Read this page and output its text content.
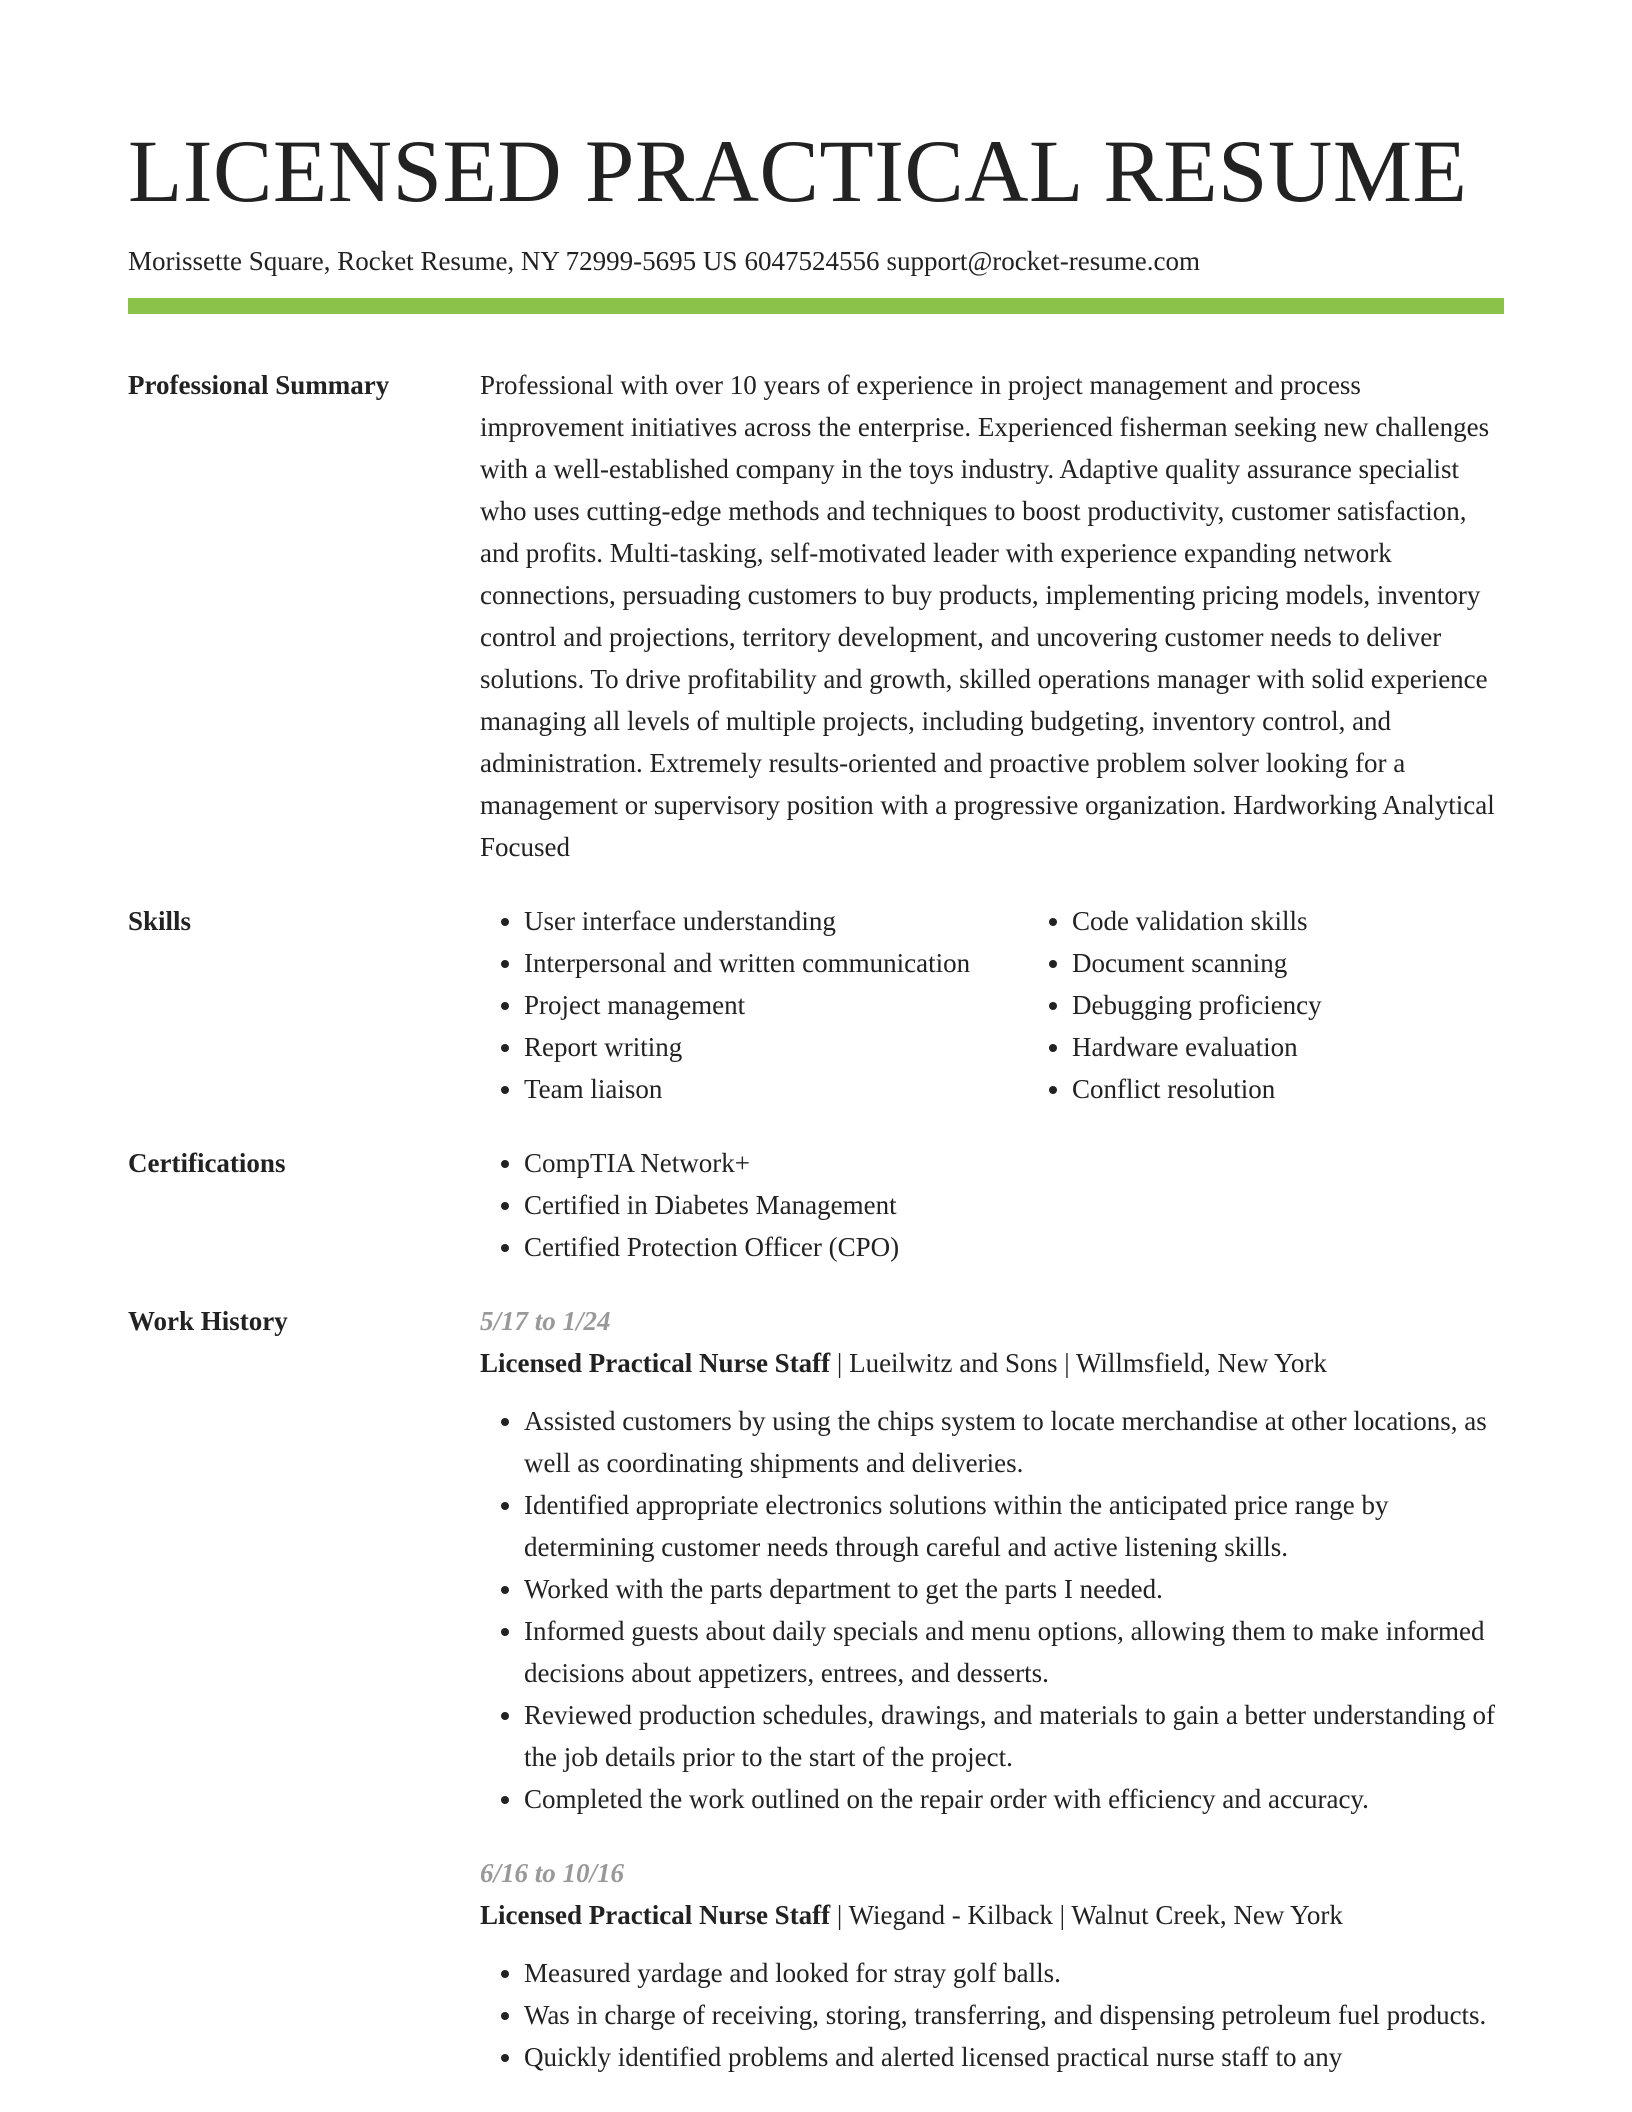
LICENSED PRACTICAL RESUME
Morissette Square, Rocket Resume, NY 72999-5695 US 6047524556 support@rocket-resume.com
Professional Summary	Professional with over 10 years of experience in project management and process improvement initiatives across the enterprise. Experienced fisherman seeking new challenges with a well-established company in the toys industry. Adaptive quality assurance specialist who uses cutting-edge methods and techniques to boost productivity, customer satisfaction, and profits. Multi-tasking, self-motivated leader with experience expanding network connections, persuading customers to buy products, implementing pricing models, inventory control and projections, territory development, and uncovering customer needs to deliver solutions. To drive profitability and growth, skilled operations manager with solid experience managing all levels of multiple projects, including budgeting, inventory control, and administration. Extremely results-oriented and proactive problem solver looking for a management or supervisory position with a progressive organization. Hardworking Analytical Focused
Skills	• User interface understanding
• Interpersonal and written communication
• Project management
• Report writing
• Team liaison
• Code validation skills
• Document scanning
• Debugging proficiency
• Hardware evaluation
• Conflict resolution
Certifications	• CompTIA Network+
• Certified in Diabetes Management
• Certified Protection Officer (CPO)
Work History	5/17 to 1/24
Licensed Practical Nurse Staff | Lueilwitz and Sons | Willmsfield, New York
• Assisted customers by using the chips system to locate merchandise at other locations, as well as coordinating shipments and deliveries.
• Identified appropriate electronics solutions within the anticipated price range by determining customer needs through careful and active listening skills.
• Worked with the parts department to get the parts I needed.
• Informed guests about daily specials and menu options, allowing them to make informed decisions about appetizers, entrees, and desserts.
• Reviewed production schedules, drawings, and materials to gain a better understanding of the job details prior to the start of the project.
• Completed the work outlined on the repair order with efficiency and accuracy.
6/16 to 10/16
Licensed Practical Nurse Staff | Wiegand - Kilback | Walnut Creek, New York
• Measured yardage and looked for stray golf balls.
• Was in charge of receiving, storing, transferring, and dispensing petroleum fuel products.
• Quickly identified problems and alerted licensed practical nurse staff to any
